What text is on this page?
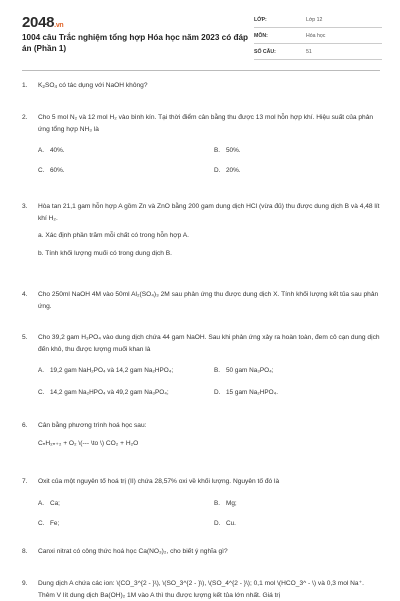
2048.vn
1004 câu Trắc nghiệm tổng hợp Hóa học năm 2023 có đáp án (Phần 1)
LỚP:	Lớp 12
MÔN:	Hóa học
SỐ CÂU:	51
1. $K_2SO_4$ có tác dụng với NaOH không?
2. Cho 5 mol N₂ và 12 mol H₂ vào bình kín. Tại thời điểm cân bằng thu được 13 mol hỗn hợp khí. Hiệu suất của phản ứng tổng hợp NH₃ là
A. 40%.	B. 50%.
C. 60%.	D. 20%.
3. Hòa tan 21,1 gam hỗn hợp A gồm Zn và ZnO bằng 200 gam dung dịch HCl (vừa đủ) thu được dung dịch B và 4,48 lít khí H₂.
a. Xác định phần trăm mỗi chất có trong hỗn hợp A.
b. Tính khối lượng muối có trong dung dịch B.
4. Cho 250ml NaOH 4M vào 50ml Al₂(SO₄)₃ 2M sau phản ứng thu được dung dịch X. Tính khối lượng kết tủa sau phản ứng.
5. Cho 39,2 gam H₃PO₄ vào dung dịch chứa 44 gam NaOH. Sau khi phản ứng xảy ra hoàn toàn, đem cô cạn dung dịch đến khô, thu được lượng muối khan là
A. 19,2 gam NaH₂PO₄ và 14,2 gam Na₂HPO₄;	B. 50 gam Na₃PO₄;
C. 14,2 gam Na₂HPO₄ và 49,2 gam Na₃PO₄;	D. 15 gam Na₂HPO₄.
6. Cân bằng phương trình hoá học sau:
CₙH₂ₙ₊₂ + O₂ \(--- \to \) CO₂ + H₂O
7. Oxit của một nguyên tố hoá trị (II) chứa 28,57% oxi về khối lượng. Nguyên tố đó là
A. Ca;	B. Mg;
C. Fe;	D. Cu.
8. Canxi nitrat có công thức hoá học Ca(NO₃)₂, cho biết ý nghĩa gì?
9. Dung dịch A chứa các ion: \(CO_3^{2 - }\), \(SO_3^{2 - }\), \(SO_4^{2 - }\); 0,1 mol \(HCO_3^ - \) và 0,3 mol Na⁺. Thêm V lít dung dịch Ba(OH)₂ 1M vào A thì thu được lượng kết tủa lớn nhất. Giá trị
